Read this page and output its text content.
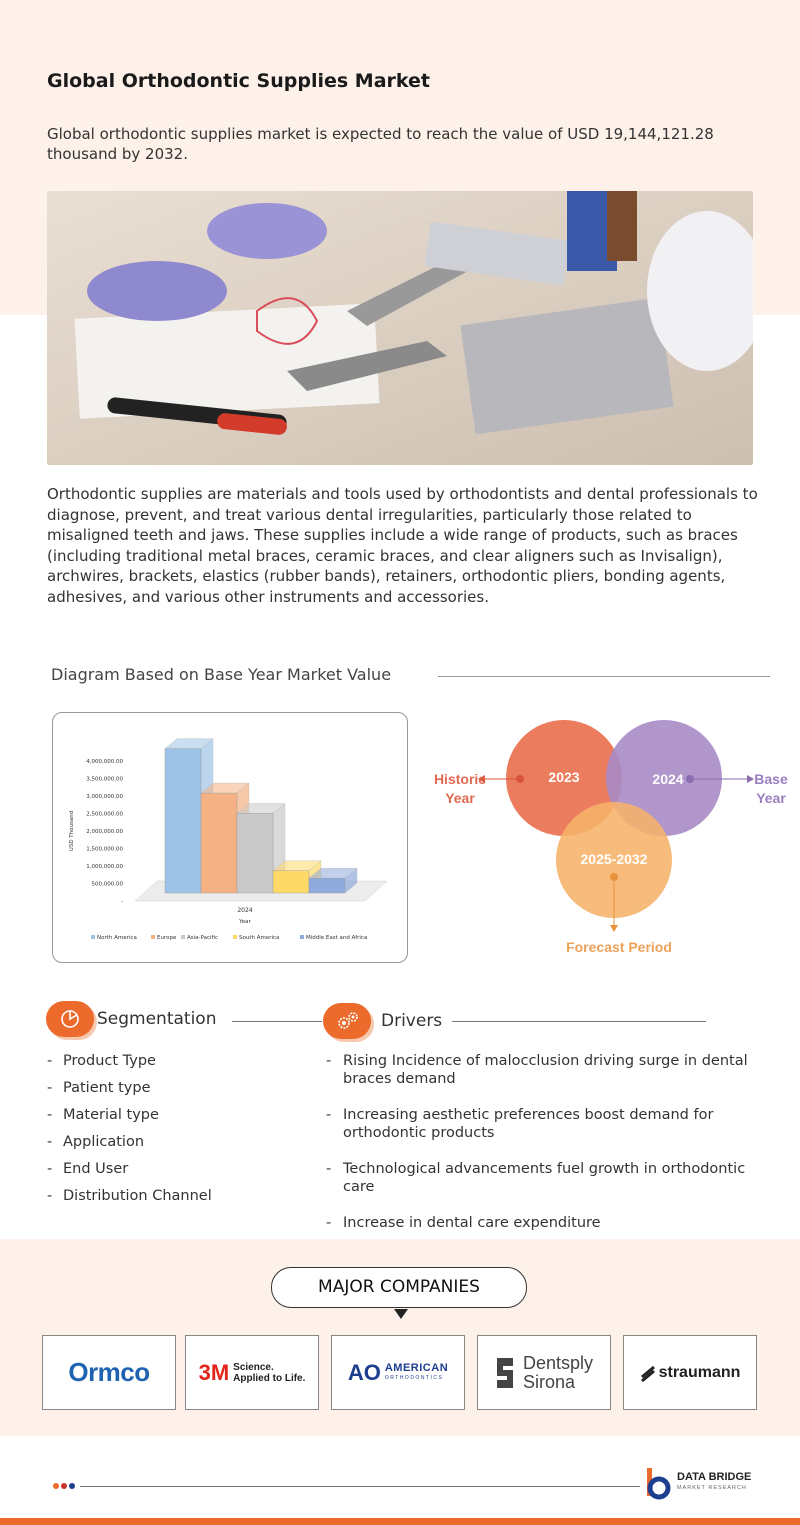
Global Orthodontic Supplies Market

Global orthodontic supplies market is expected to reach the value of USD 19,144,121.28 thousand by 2032.

Orthodontic supplies are materials and tools used by orthodontists and dental professionals to diagnose, prevent, and treat various dental irregularities, particularly those related to misaligned teeth and jaws. These supplies include a wide range of products, such as braces (including traditional metal braces, ceramic braces, and clear aligners such as Invisalign), archwires, brackets, elastics (rubber bands), retainers, orthodontic pliers, bonding agents, adhesives, and various other instruments and accessories.

Diagram Based on Base Year Market Value
4,000,000.00
3,500,000.00
3,000,000.00
2,500,000.00
2,000,000.00
1,500,000.00
1,000,000.00
500,000.00
-
USD Thousand
2024
Year
North America	Europe Asia-Pacific	South America	Middle East and Africa
2023	2024
2025-2032
Historic
Year
Base
Year
Forecast Period
Segmentation	Drivers
- Product Type
- Patient type
- Material type
- Application
- End User
- Distribution Channel
- Rising Incidence of malocclusion driving surge in dental braces demand
- Increasing aesthetic preferences boost demand for orthodontic products
- Technological advancements fuel growth in orthodontic care
- Increase in dental care expenditure
MAJOR COMPANIES
Ormco 3M Science.
Applied to Life. AO AMERICAN
ORTHODONTICS
Dentsply
Sirona	straumann
DATA BRIDGE
MARKET RESEARCH
